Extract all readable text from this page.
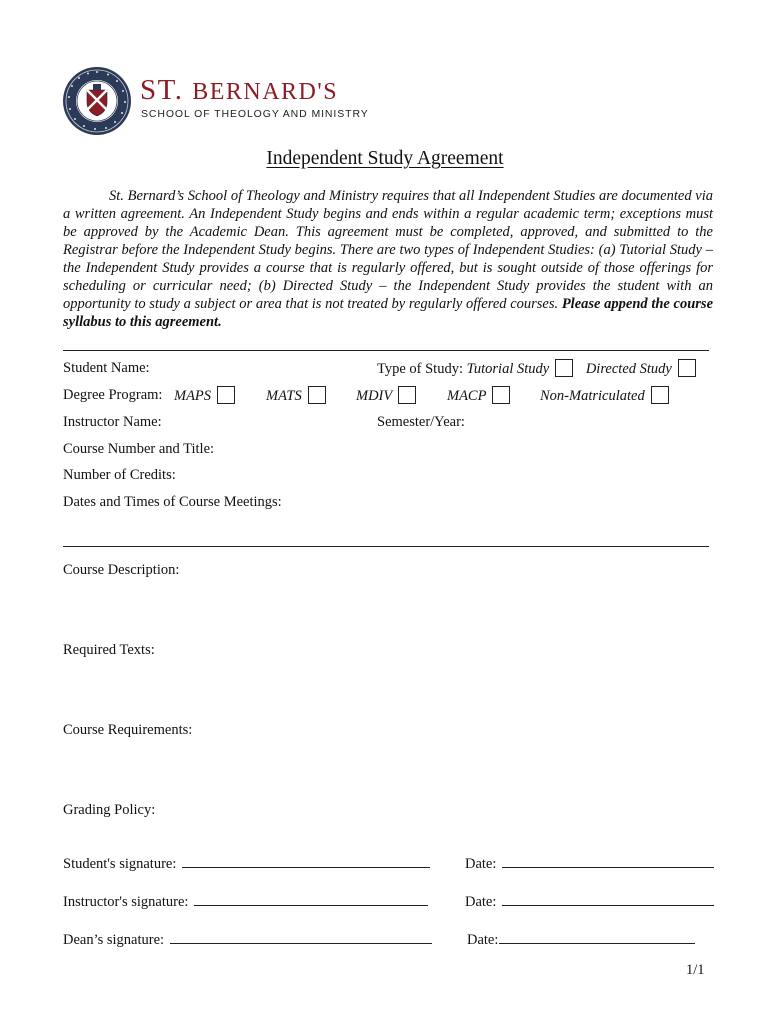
ST. BERNARD'S
SCHOOL OF THEOLOGY AND MINISTRY
Independent Study Agreement
St. Bernard’s School of Theology and Ministry requires that all Independent Studies are documented via a written agreement. An Independent Study begins and ends within a regular academic term; exceptions must be approved by the Academic Dean. This agreement must be completed, approved, and submitted to the Registrar before the Independent Study begins. There are two types of Independent Studies: (a) Tutorial Study – the Independent Study provides a course that is regularly offered, but is sought outside of those offerings for scheduling or curricular need; (b) Directed Study – the Independent Study provides the student with an opportunity to study a subject or area that is not treated by regularly offered courses. Please append the course syllabus to this agreement.
Student Name:	Type of Study: Tutorial Study	Directed Study
Degree Program: MAPS	MATS	MDIV	MACP	Non-Matriculated
Instructor Name:	Semester/Year:
Course Number and Title:
Number of Credits:
Dates and Times of Course Meetings:
Course Description:
Required Texts:
Course Requirements:
Grading Policy:
Student's signature:	Date:
Instructor's signature:	Date:
Dean’s signature:	Date:
1/1
